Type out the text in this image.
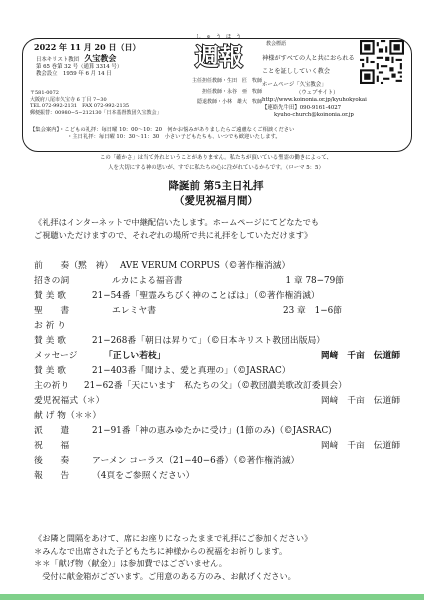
2022 年 11 月 20 日（日）
日本キリスト教団　 久宝教会
第 65 巻第 32 号（通算 3314 号）
教会設立　1959 年 6 月 14 日
〒581-0072
大阪府八尾市久宝寺 6 丁目 7−30
TEL 072-992-2131　FAX 072-992-2135
郵便振替：00980−5−212130「日本基督教団久宝教会」
しゅうほう
週報
主任担任教師・生田　匠　牧師
担任教師・永谷　亜　牧師
隠退教師・小林　雄大　牧師
教会標語
神様がすべての人と共におられる
ことを証ししていく教会
ホームページ「久宝教会」
（ウェブサイト）
http://www.koinonia.or.jp/kyuhokyokai
【連絡先牛田】090-9161-4027
kyuho-church@koinonia.or.jp
【集会案内】・こどもの礼拝：毎日曜 10：00～10：20　何かお悩みがありましたらご遠慮なくご相談ください
　　　　　　　・主日礼拝：毎日曜 10：30～11：30　小さい子どもたちも、いつでも歓迎いたします。
この「確かさ」は当て外れということがありません。私たちが頂いている聖霊の働きによって、
人を大切にする神の思いが、すでに私たちの心に注がれているからです。（ローマ 5：5）
降誕前 第5主日礼拝
（愛児祝福月間）
《礼拝はインターネットで中継配信いたします。ホームページにてどなたでも
ご視聴いただけますので、それぞれの場所で共に礼拝をしていただけます》
前　　奏（黙　祷） AVE VERUM CORPUS（©著作権消滅）
招きの詞	ルカによる福音書	1 章 78−79節
賛 美 歌	21−54番「聖霊みちびく神のことばは」（©著作権消滅）
聖　　書	エレミヤ書	23 章　1−6節
お 祈 り
賛 美 歌	21−268番「朝日は昇りて」（©日本キリスト教団出版局）
メッセージ	「正しい若枝」	岡﨑　千亩　伝道師
賛 美 歌	21−403番「聞けよ、愛と真理の」（©JASRAC）
主の祈り 21−62番「天にいます　私たちの父」（©教団讃美歌改訂委員会）
愛児祝福式（＊）	岡﨑　千亩　伝道師
献 げ 物（＊＊）
派　　遣	21−91番「神の恵みゆたかに受け」(1節のみ)（©JASRAC)
祝　　福	岡﨑　千亩　伝道師
後　　奏	アーメン コーラス（21−40−6番）（©著作権消滅）
報　　告	（4頁をご参照ください）
《お隣と間隔をあけて、席にお座りになったままで礼拝にご参加ください》
＊みんなで出席された子どもたちに神様からの祝福をお祈りします。
＊＊「献げ物（献金）」は参加費ではございません。
　受付に献金箱がございます。ご用意のある方のみ、お献げください。
